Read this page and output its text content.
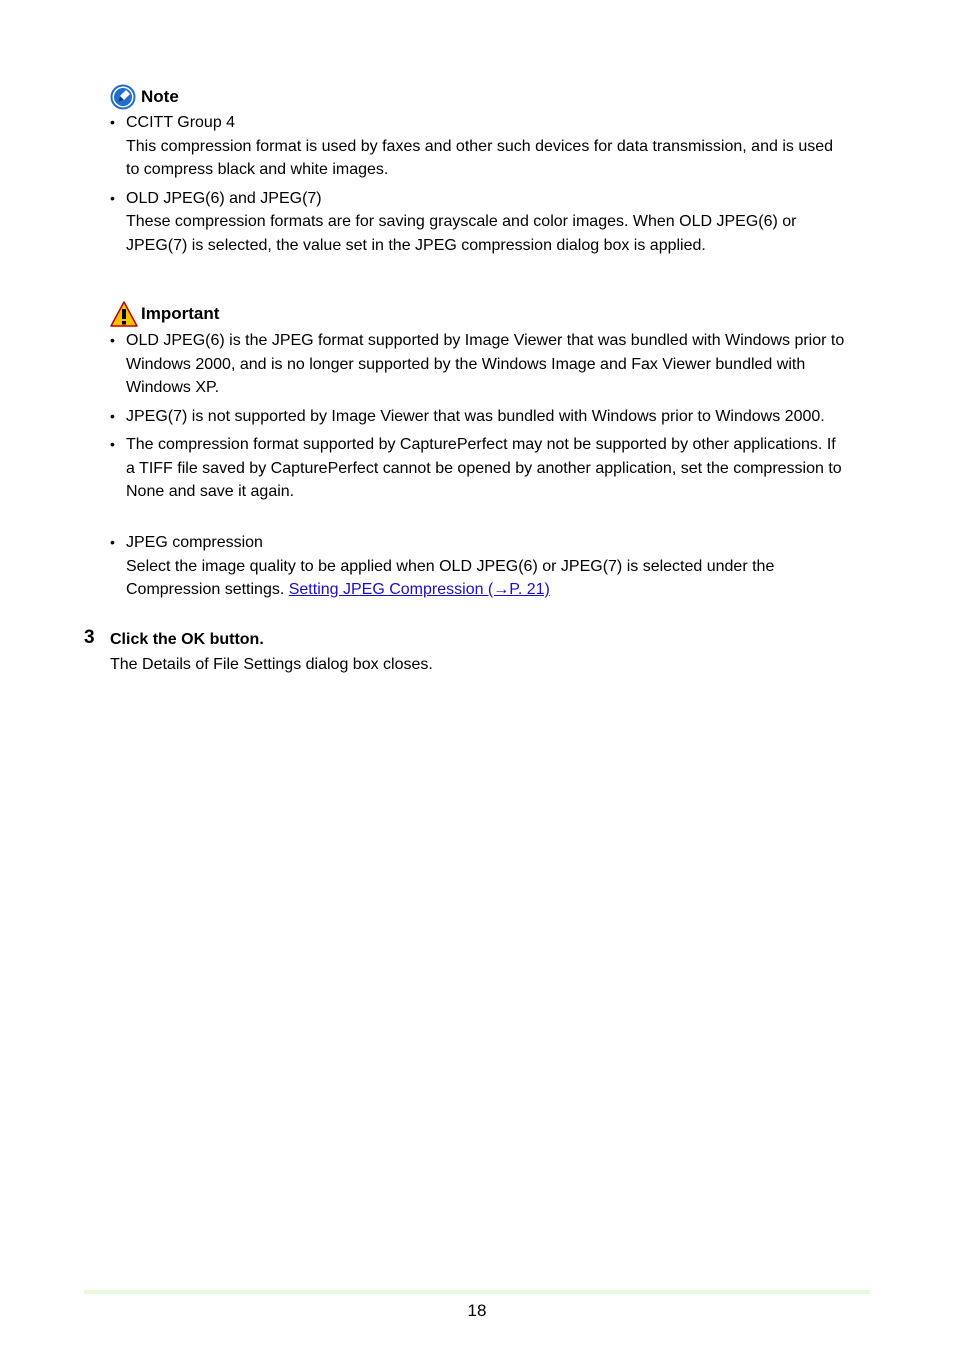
Note
• CCITT Group 4
This compression format is used by faxes and other such devices for data transmission, and is used
to compress black and white images.
• OLD JPEG(6) and JPEG(7)
These compression formats are for saving grayscale and color images. When OLD JPEG(6) or
JPEG(7) is selected, the value set in the JPEG compression dialog box is applied.
Important
• OLD JPEG(6) is the JPEG format supported by Image Viewer that was bundled with Windows prior to
Windows 2000, and is no longer supported by the Windows Image and Fax Viewer bundled with
Windows XP.
• JPEG(7) is not supported by Image Viewer that was bundled with Windows prior to Windows 2000.
• The compression format supported by CapturePerfect may not be supported by other applications. If
a TIFF file saved by CapturePerfect cannot be opened by another application, set the compression to
None and save it again.
• JPEG compression
Select the image quality to be applied when OLD JPEG(6) or JPEG(7) is selected under the
Compression settings. Setting JPEG Compression (→P. 21)
3 Click the OK button.
The Details of File Settings dialog box closes.
18
